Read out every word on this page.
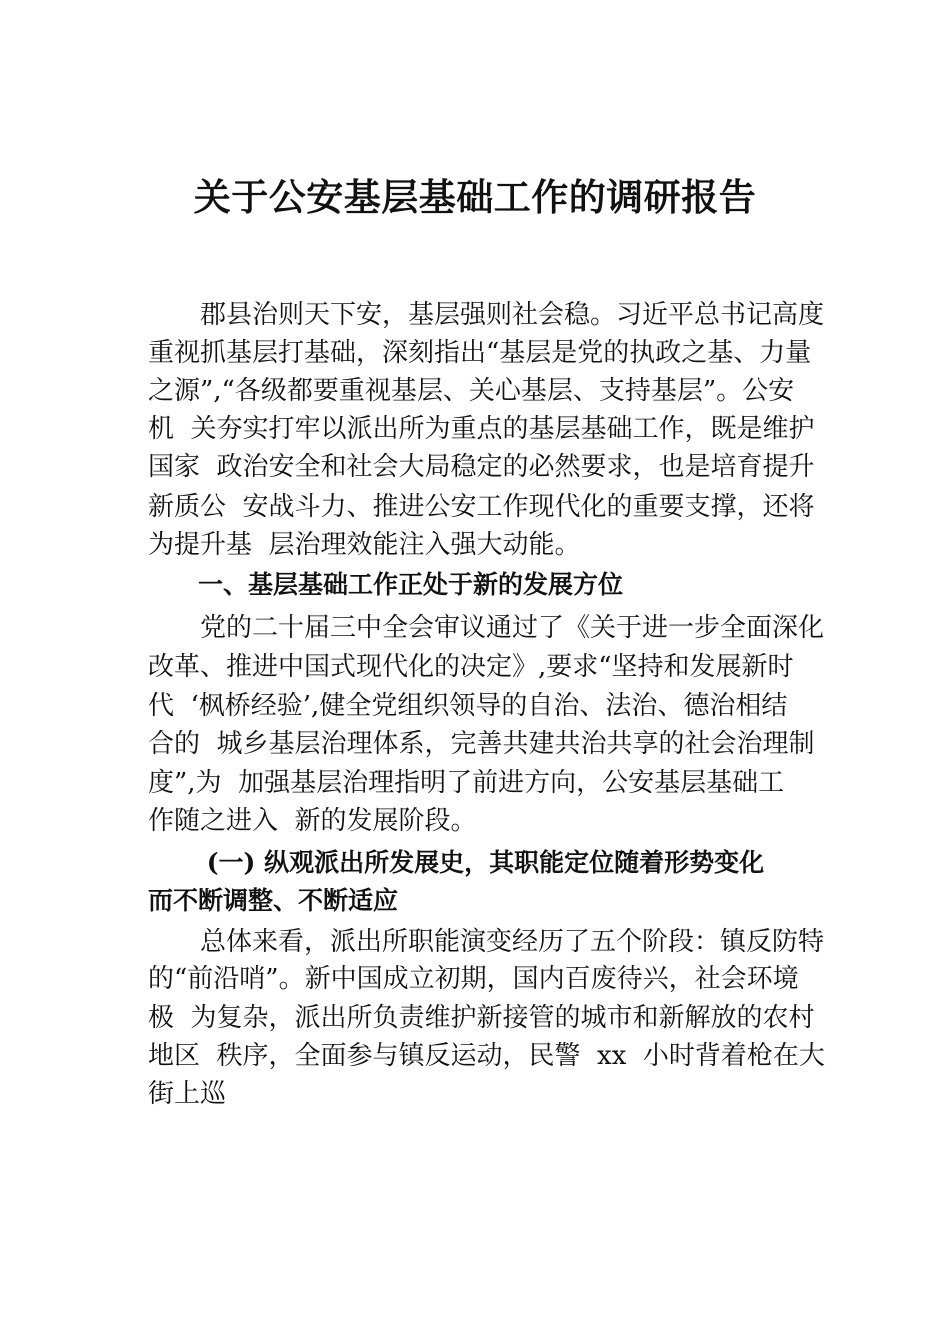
关于公安基层基础工作的调研报告
　　郡县治则天下安，基层强则社会稳。习近平总书记高度
重视抓基层打基础，深刻指出“基层是党的执政之基、力量
之源”,“各级都要重视基层、关心基层、支持基层”。公安
机  关夯实打牢以派出所为重点的基层基础工作，既是维护
国家  政治安全和社会大局稳定的必然要求，也是培育提升
新质公  安战斗力、推进公安工作现代化的重要支撑，还将
为提升基  层治理效能注入强大动能。
　　一、基层基础工作正处于新的发展方位
　　党的二十届三中全会审议通过了《关于进一步全面深化
改革、推进中国式现代化的决定》,要求“坚持和发展新时
代  ‘枫桥经验’,健全党组织领导的自治、法治、德治相结
合的  城乡基层治理体系，完善共建共治共享的社会治理制
度”,为  加强基层治理指明了前进方向，公安基层基础工
作随之进入  新的发展阶段。
　　 (一) 纵观派出所发展史，其职能定位随着形势变化
而不断调整、不断适应
　　总体来看，派出所职能演变经历了五个阶段：镇反防特
的“前沿哨”。新中国成立初期，国内百废待兴，社会环境
极  为复杂，派出所负责维护新接管的城市和新解放的农村
地区  秩序，全面参与镇反运动，民警  xx  小时背着枪在大
街上巡
